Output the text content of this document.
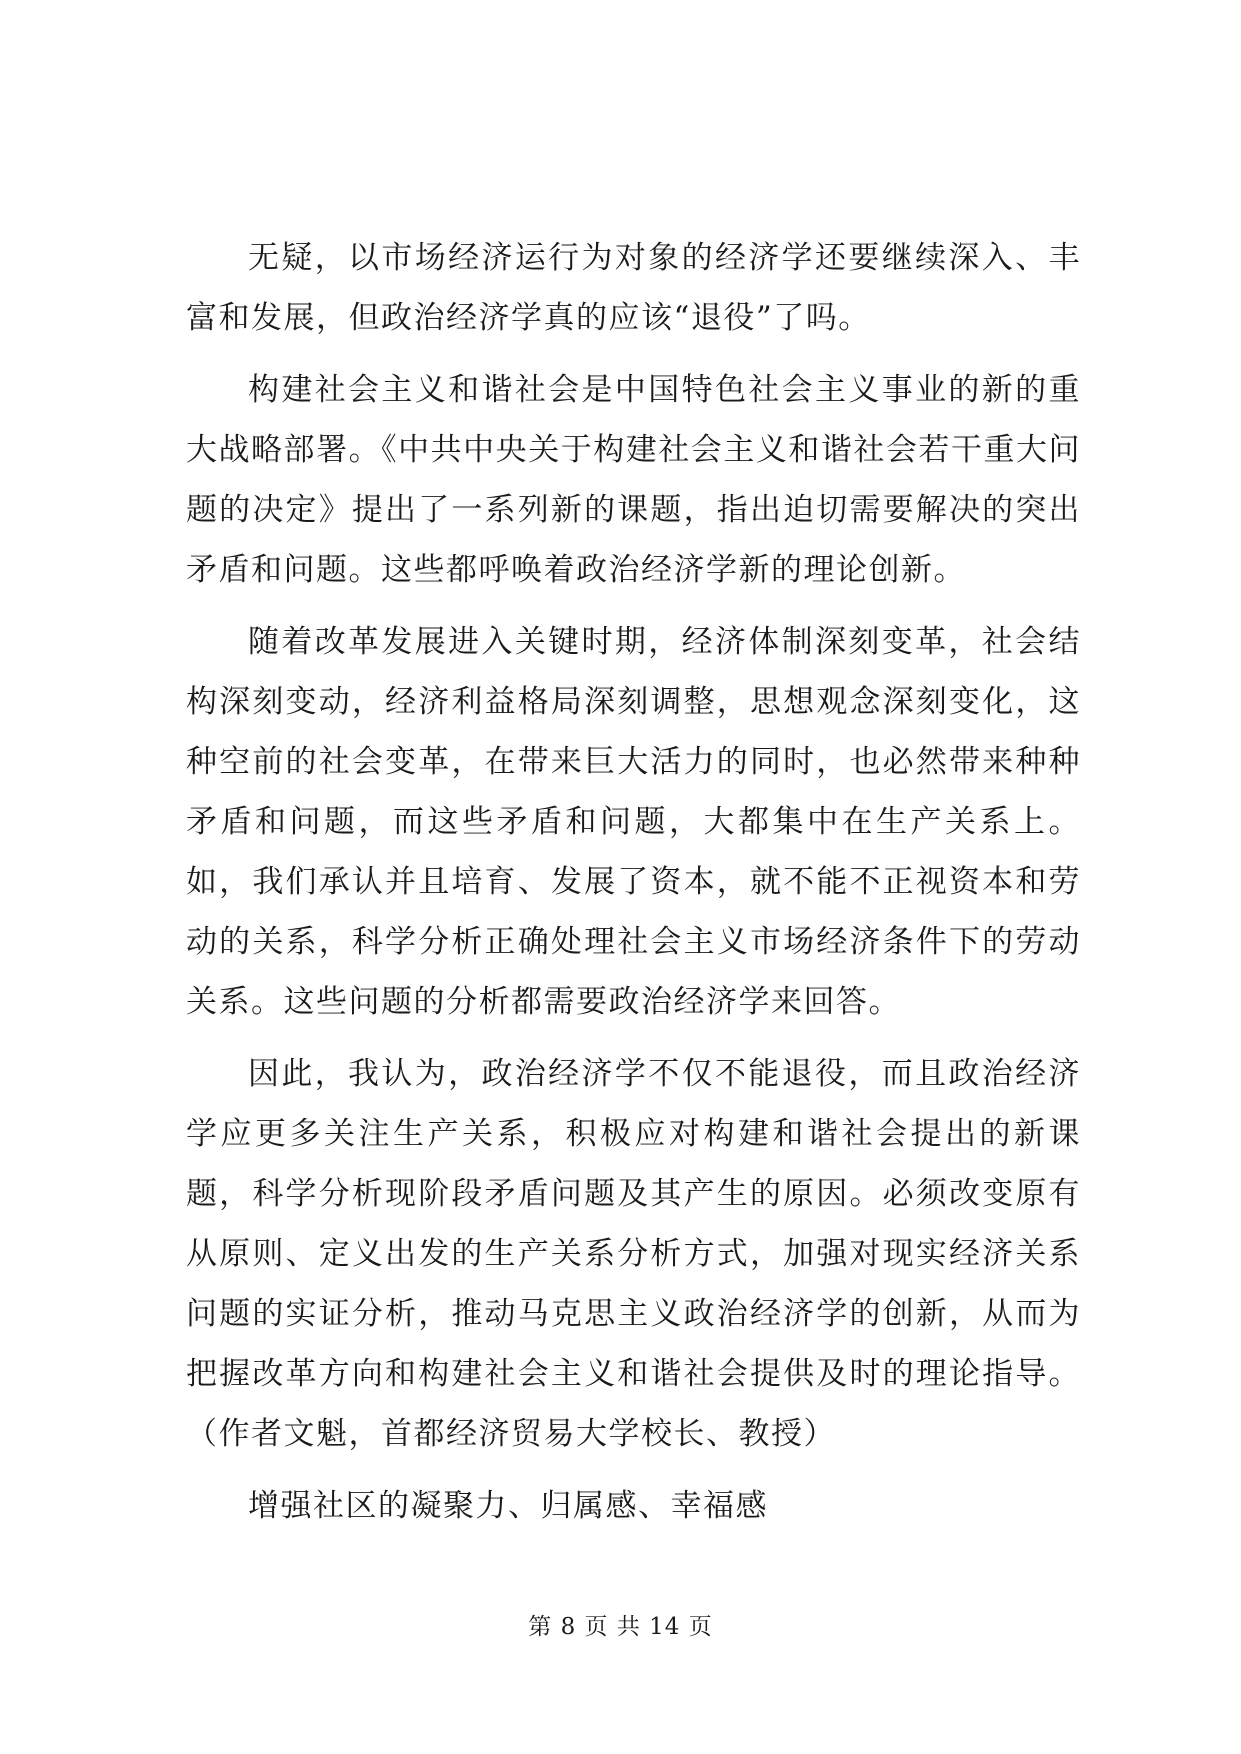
无疑，以市场经济运行为对象的经济学还要继续深入、丰富和发展，但政治经济学真的应该“退役”了吗。

构建社会主义和谐社会是中国特色社会主义事业的新的重大战略部署。《中共中央关于构建社会主义和谐社会若干重大问题的决定》提出了一系列新的课题，指出迫切需要解决的突出矛盾和问题。这些都呼唤着政治经济学新的理论创新。

随着改革发展进入关键时期，经济体制深刻变革，社会结构深刻变动，经济利益格局深刻调整，思想观念深刻变化，这种空前的社会变革，在带来巨大活力的同时，也必然带来种种矛盾和问题，而这些矛盾和问题，大都集中在生产关系上。如，我们承认并且培育、发展了资本，就不能不正视资本和劳动的关系，科学分析正确处理社会主义市场经济条件下的劳动关系。这些问题的分析都需要政治经济学来回答。

因此，我认为，政治经济学不仅不能退役，而且政治经济学应更多关注生产关系，积极应对构建和谐社会提出的新课题，科学分析现阶段矛盾问题及其产生的原因。必须改变原有从原则、定义出发的生产关系分析方式，加强对现实经济关系问题的实证分析，推动马克思主义政治经济学的创新，从而为把握改革方向和构建社会主义和谐社会提供及时的理论指导。（作者文魁，首都经济贸易大学校长、教授）

增强社区的凝聚力、归属感、幸福感

第 8 页 共 14 页
